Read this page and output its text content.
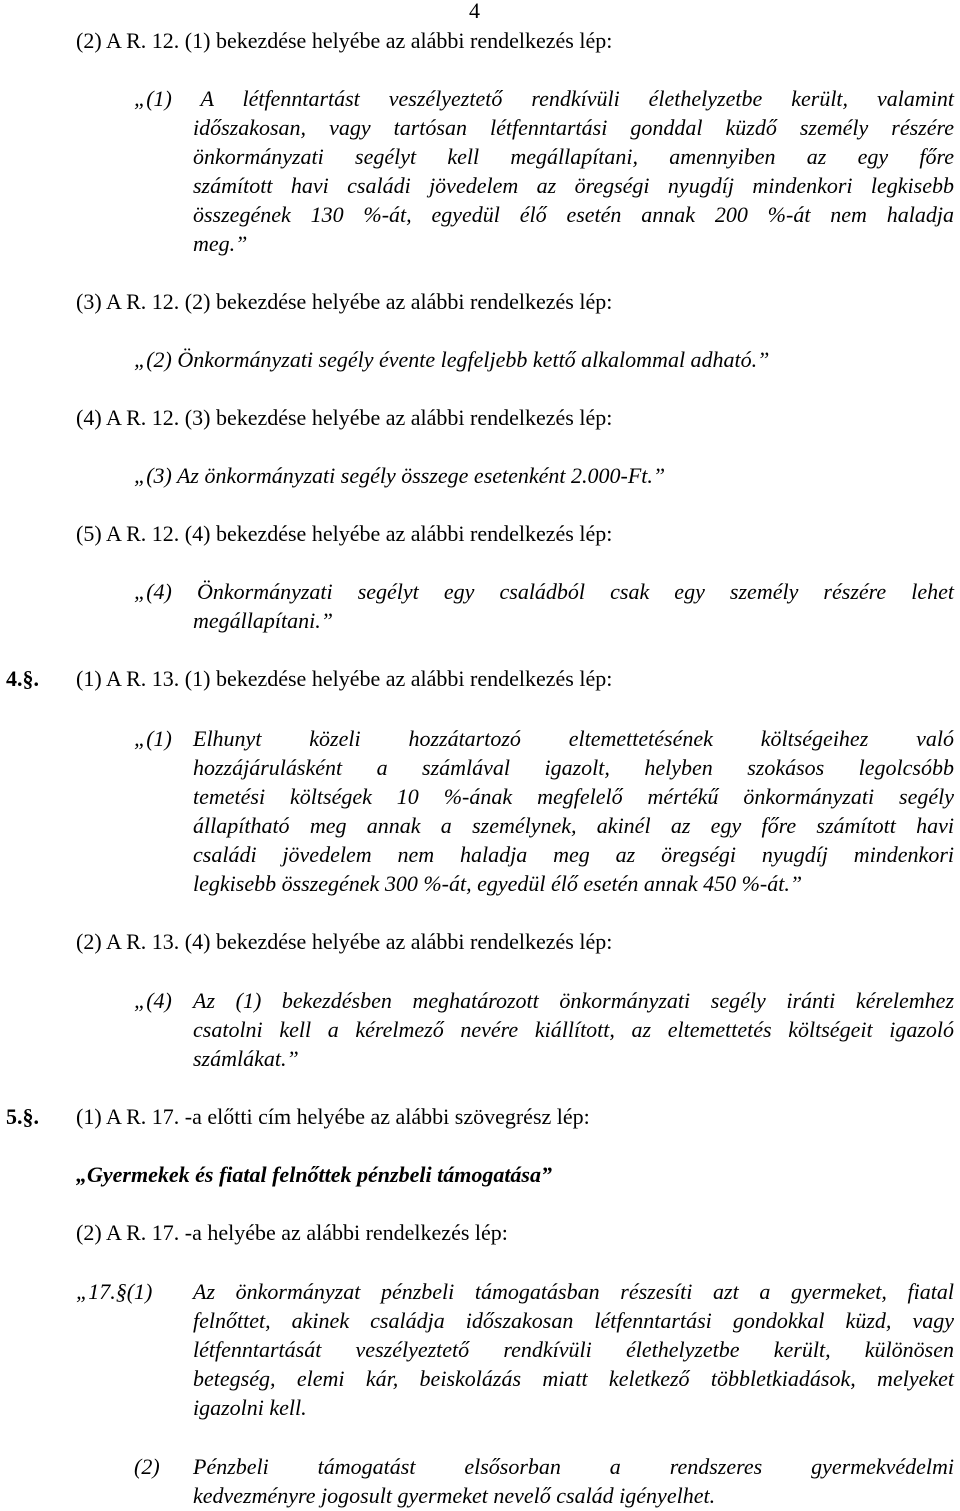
4
(2) A R. 12. (1) bekezdése helyébe az alábbi rendelkezés lép:
„(1) A létfenntartást veszélyeztető rendkívüli élethelyzetbe került, valamint
időszakosan, vagy tartósan létfenntartási gonddal küzdő személy részére
önkormányzati segélyt kell megállapítani, amennyiben az egy főre
számított havi családi jövedelem az öregségi nyugdíj mindenkori legkisebb
összegének 130 %-át, egyedül élő esetén annak 200 %-át nem haladja
meg.”
(3) A R. 12. (2) bekezdése helyébe az alábbi rendelkezés lép:
„(2) Önkormányzati segély évente legfeljebb kettő alkalommal adható.”
(4) A R. 12. (3) bekezdése helyébe az alábbi rendelkezés lép:
„(3) Az önkormányzati segély összege esetenként 2.000-Ft.”
(5) A R. 12. (4) bekezdése helyébe az alábbi rendelkezés lép:
„(4) Önkormányzati segélyt egy családból csak egy személy részére lehet
megállapítani.”
4.§. (1) A R. 13. (1) bekezdése helyébe az alábbi rendelkezés lép:
„(1) Elhunyt közeli hozzátartozó eltemettetésének költségeihez való
hozzájárulásként a számlával igazolt, helyben szokásos legolcsóbb
temetési költségek 10 %-ának megfelelő mértékű önkormányzati segély
állapítható meg annak a személynek, akinél az egy főre számított havi
családi jövedelem nem haladja meg az öregségi nyugdíj mindenkori
legkisebb összegének 300 %-át, egyedül élő esetén annak 450 %-át.”
(2) A R. 13. (4) bekezdése helyébe az alábbi rendelkezés lép:
„(4) Az (1) bekezdésben meghatározott önkormányzati segély iránti kérelemhez
csatolni kell a kérelmező nevére kiállított, az eltemettetés költségeit igazoló
számlákat.”
5.§. (1) A R. 17. -a előtti cím helyébe az alábbi szövegrész lép:
„Gyermekek és fiatal felnőttek pénzbeli támogatása”
(2) A R. 17. -a helyébe az alábbi rendelkezés lép:
„17.§(1) Az önkormányzat pénzbeli támogatásban részesíti azt a gyermeket, fiatal
felnőttet, akinek családja időszakosan létfenntartási gondokkal küzd, vagy
létfenntartását veszélyeztető rendkívüli élethelyzetbe került, különösen
betegség, elemi kár, beiskolázás miatt keletkező többletkiadások, melyeket
igazolni kell.
(2) Pénzbeli támogatást elsősorban a rendszeres gyermekvédelmi
kedvezményre jogosult gyermeket nevelő család igényelhet.
